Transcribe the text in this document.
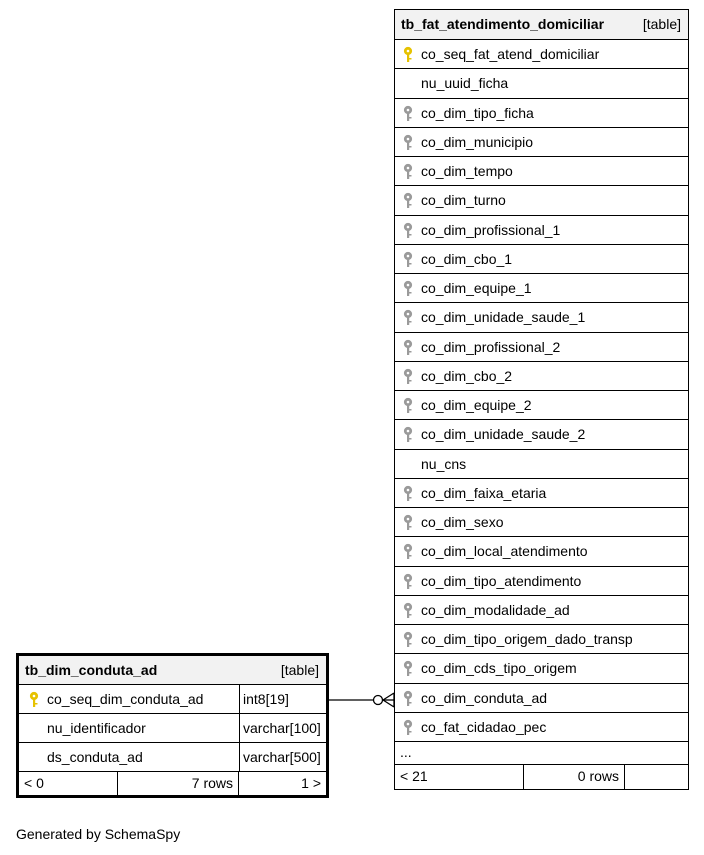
tb_fat_atendimento_domiciliar	[table]
co_seq_fat_atend_domiciliar
nu_uuid_ficha
co_dim_tipo_ficha
co_dim_municipio
co_dim_tempo
co_dim_turno
co_dim_profissional_1
co_dim_cbo_1
co_dim_equipe_1
co_dim_unidade_saude_1
co_dim_profissional_2
co_dim_cbo_2
co_dim_equipe_2
co_dim_unidade_saude_2
nu_cns
co_dim_faixa_etaria
co_dim_sexo
co_dim_local_atendimento
co_dim_tipo_atendimento
co_dim_modalidade_ad
co_dim_tipo_origem_dado_transp
co_dim_cds_tipo_origem
co_dim_conduta_ad
co_fat_cidadao_pec
...
< 21	0 rows
tb_dim_conduta_ad	[table]
co_seq_dim_conduta_ad	int8[19]
nu_identificador	varchar[100]
ds_conduta_ad	varchar[500]
< 0	7 rows	1 >
Generated by SchemaSpy
